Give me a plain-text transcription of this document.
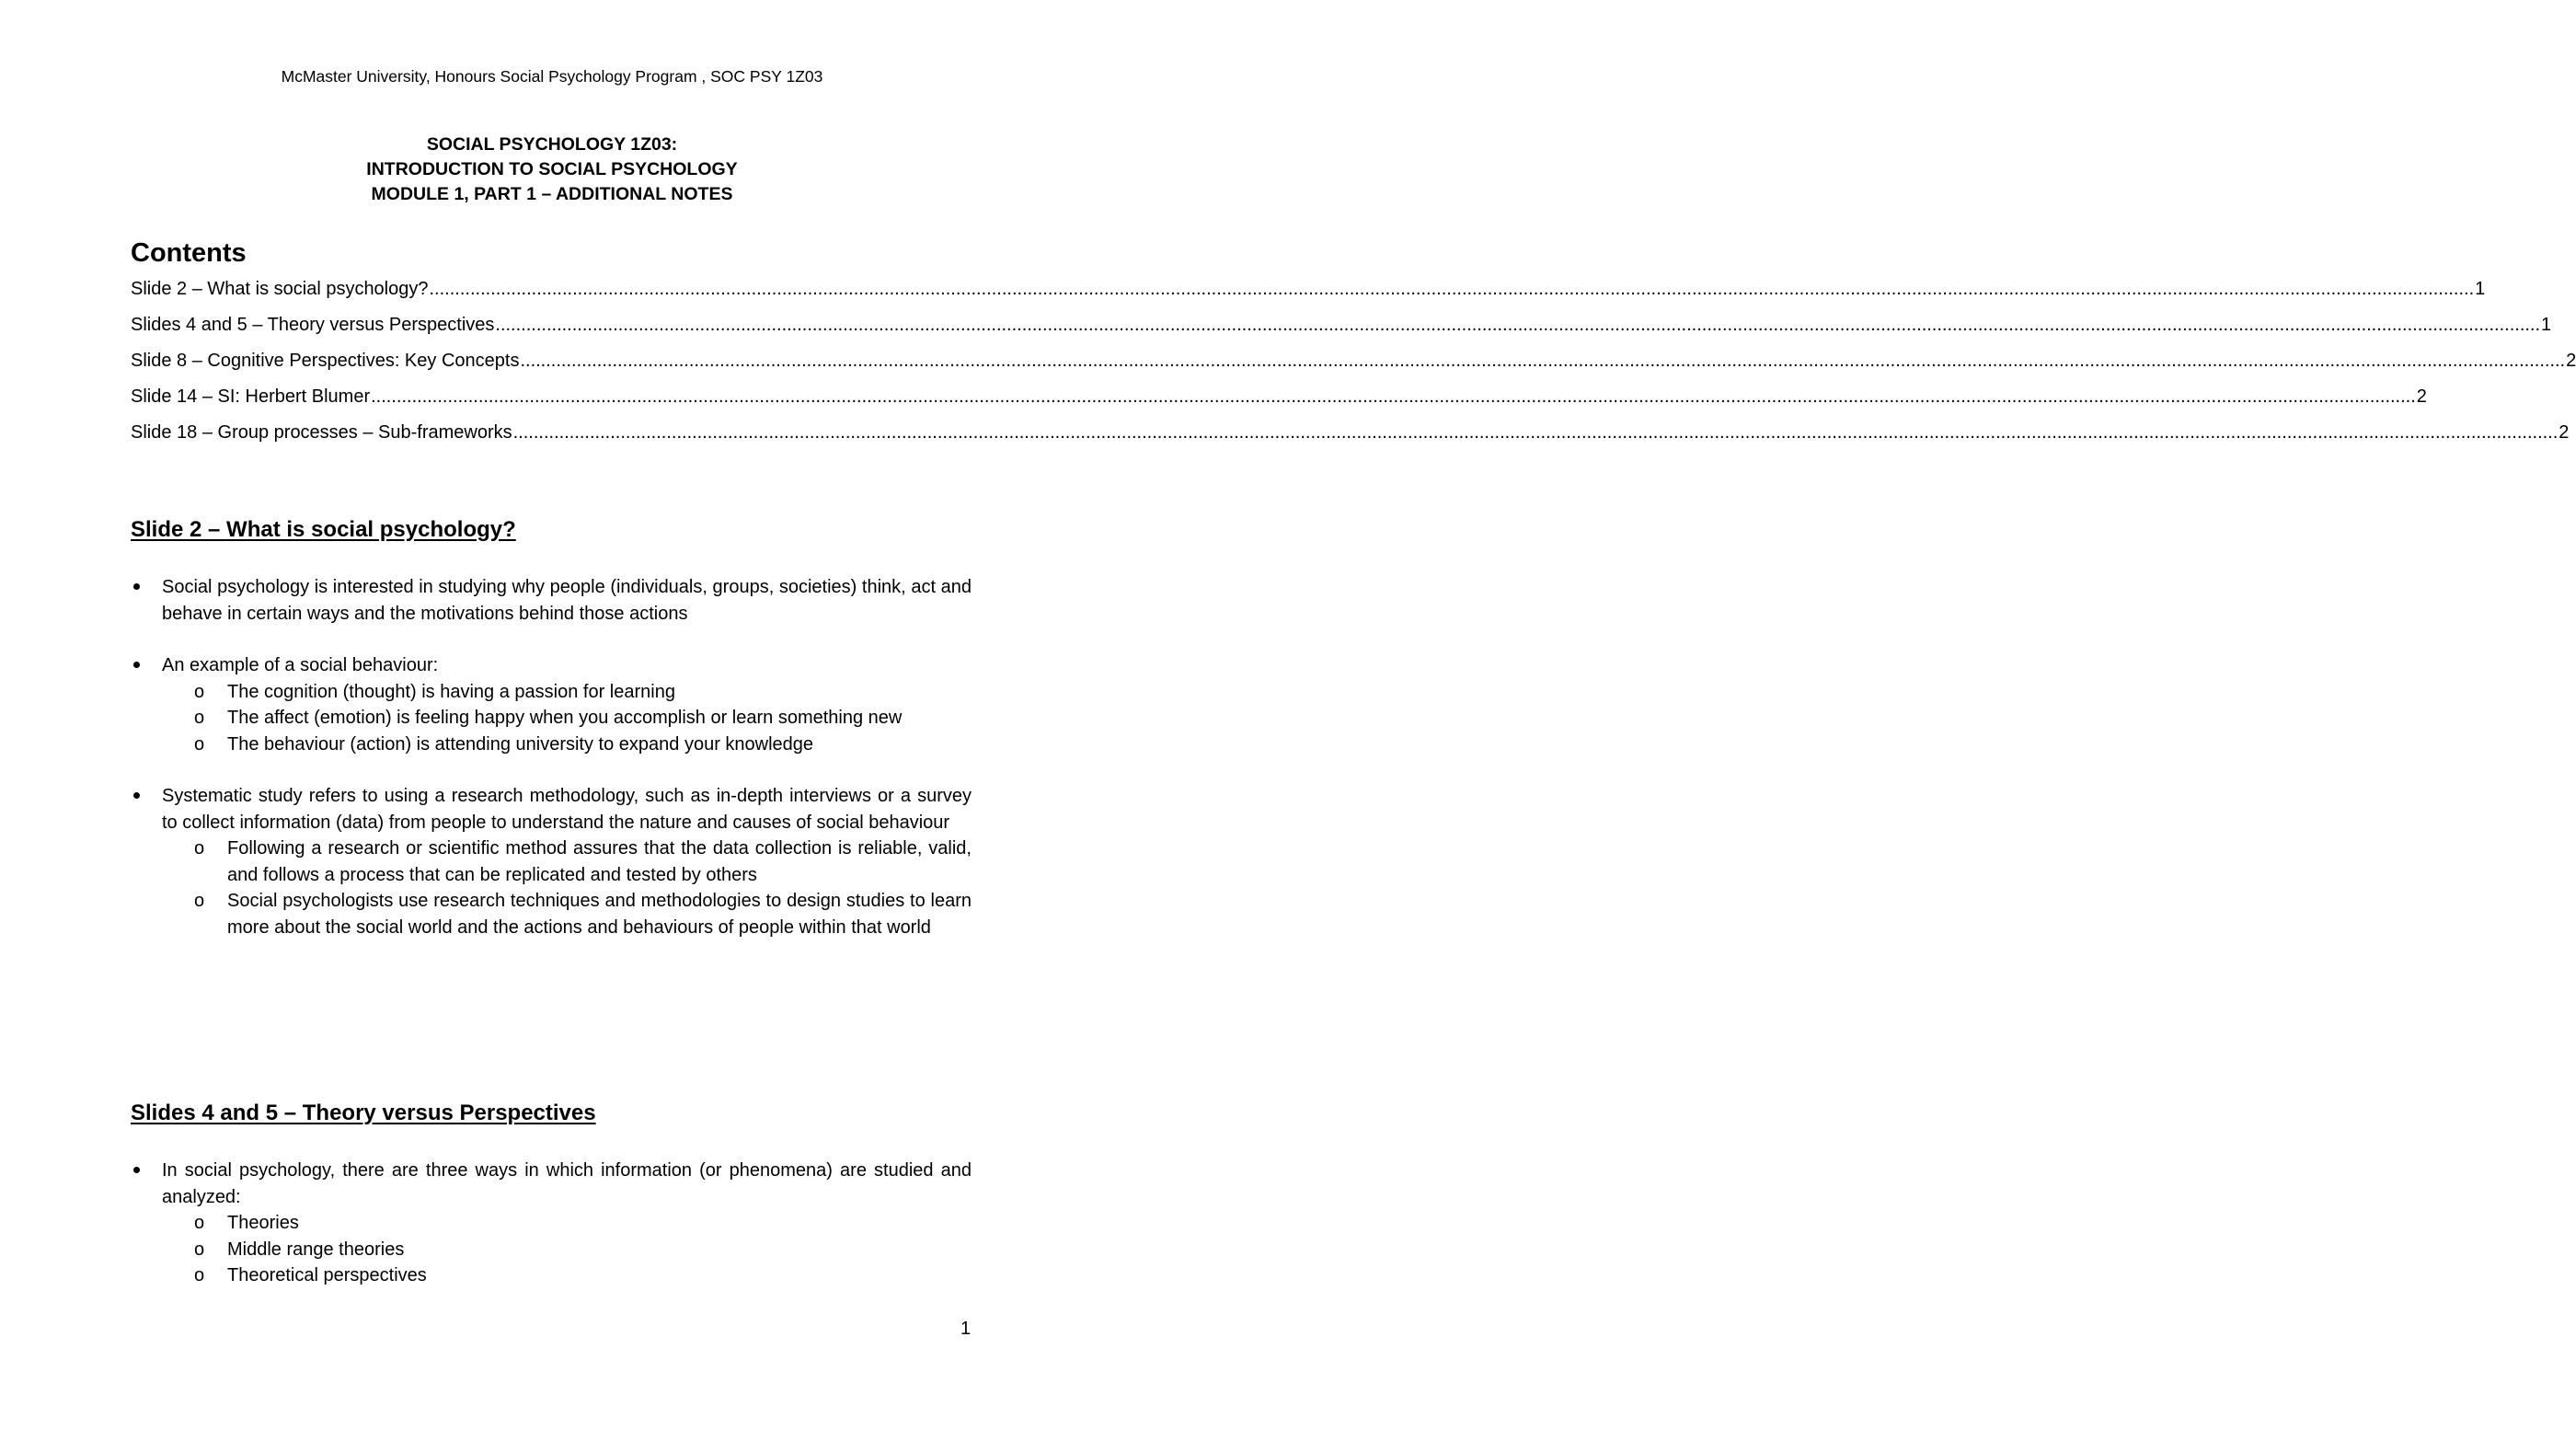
McMaster University, Honours Social Psychology Program , SOC PSY 1Z03
SOCIAL PSYCHOLOGY 1Z03:
INTRODUCTION TO SOCIAL PSYCHOLOGY
MODULE 1, PART 1 – ADDITIONAL NOTES
Contents
Slide 2 – What is social psychology? ................................................................................................................................................................................................................................................................................................................................................................................................................ 1
Slides 4 and 5 – Theory versus Perspectives ................................................................................................................................................................................................................................................................................................................................................................................................................ 1
Slide 8 – Cognitive Perspectives: Key Concepts ................................................................................................................................................................................................................................................................................................................................................................................................................ 2
Slide 14 – SI: Herbert Blumer ................................................................................................................................................................................................................................................................................................................................................................................................................ 2
Slide 18 – Group processes – Sub-frameworks ................................................................................................................................................................................................................................................................................................................................................................................................................ 2
Slide 2 – What is social psychology?
Social psychology is interested in studying why people (individuals, groups, societies) think, act and behave in certain ways and the motivations behind those actions
An example of a social behaviour:
o	The cognition (thought) is having a passion for learning
o	The affect (emotion) is feeling happy when you accomplish or learn something new
o	The behaviour (action) is attending university to expand your knowledge
Systematic study refers to using a research methodology, such as in-depth interviews or a survey to collect information (data) from people to understand the nature and causes of social behaviour
o	Following a research or scientific method assures that the data collection is reliable, valid, and follows a process that can be replicated and tested by others
o	Social psychologists use research techniques and methodologies to design studies to learn more about the social world and the actions and behaviours of people within that world
Slides 4 and 5 – Theory versus Perspectives
In social psychology, there are three ways in which information (or phenomena) are studied and analyzed:
o	Theories
o	Middle range theories
o	Theoretical perspectives
1
